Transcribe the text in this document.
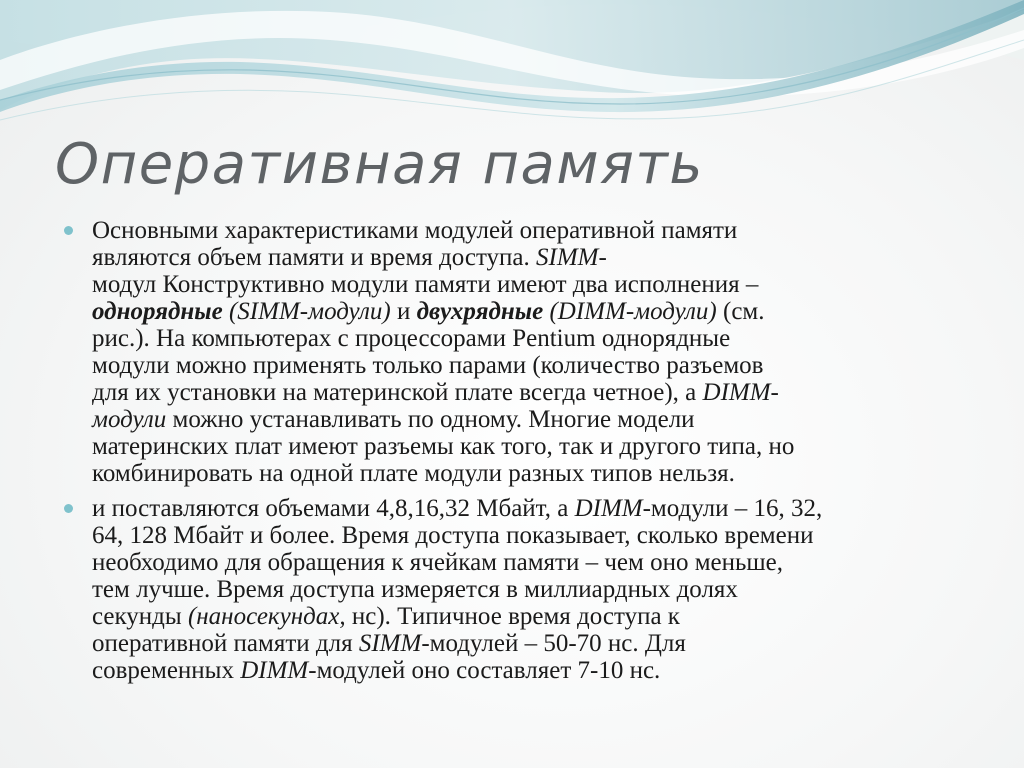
Оперативная память
Основными характеристиками модулей оперативной памяти
являются объем памяти и время доступа. SIMM-
модул Конструктивно модули памяти имеют два исполнения –
однорядные (SIMM-модули) и двухрядные (DIMM-модули) (см.
рис.). На компьютерах с процессорами Pentium однорядные
модули можно применять только парами (количество разъемов
для их установки на материнской плате всегда четное), а DIMM-
модули можно устанавливать по одному. Многие модели
материнских плат имеют разъемы как того, так и другого типа, но
комбинировать на одной плате модули разных типов нельзя.
и поставляются объемами 4,8,16,32 Мбайт, а DIMM-модули – 16, 32,
64, 128 Мбайт и более. Время доступа показывает, сколько времени
необходимо для обращения к ячейкам памяти – чем оно меньше,
тем лучше. Время доступа измеряется в миллиардных долях
секунды (наносекундах, нс). Типичное время доступа к
оперативной памяти для SIMM-модулей – 50-70 нс. Для
современных DIMM-модулей оно составляет 7-10 нс.
